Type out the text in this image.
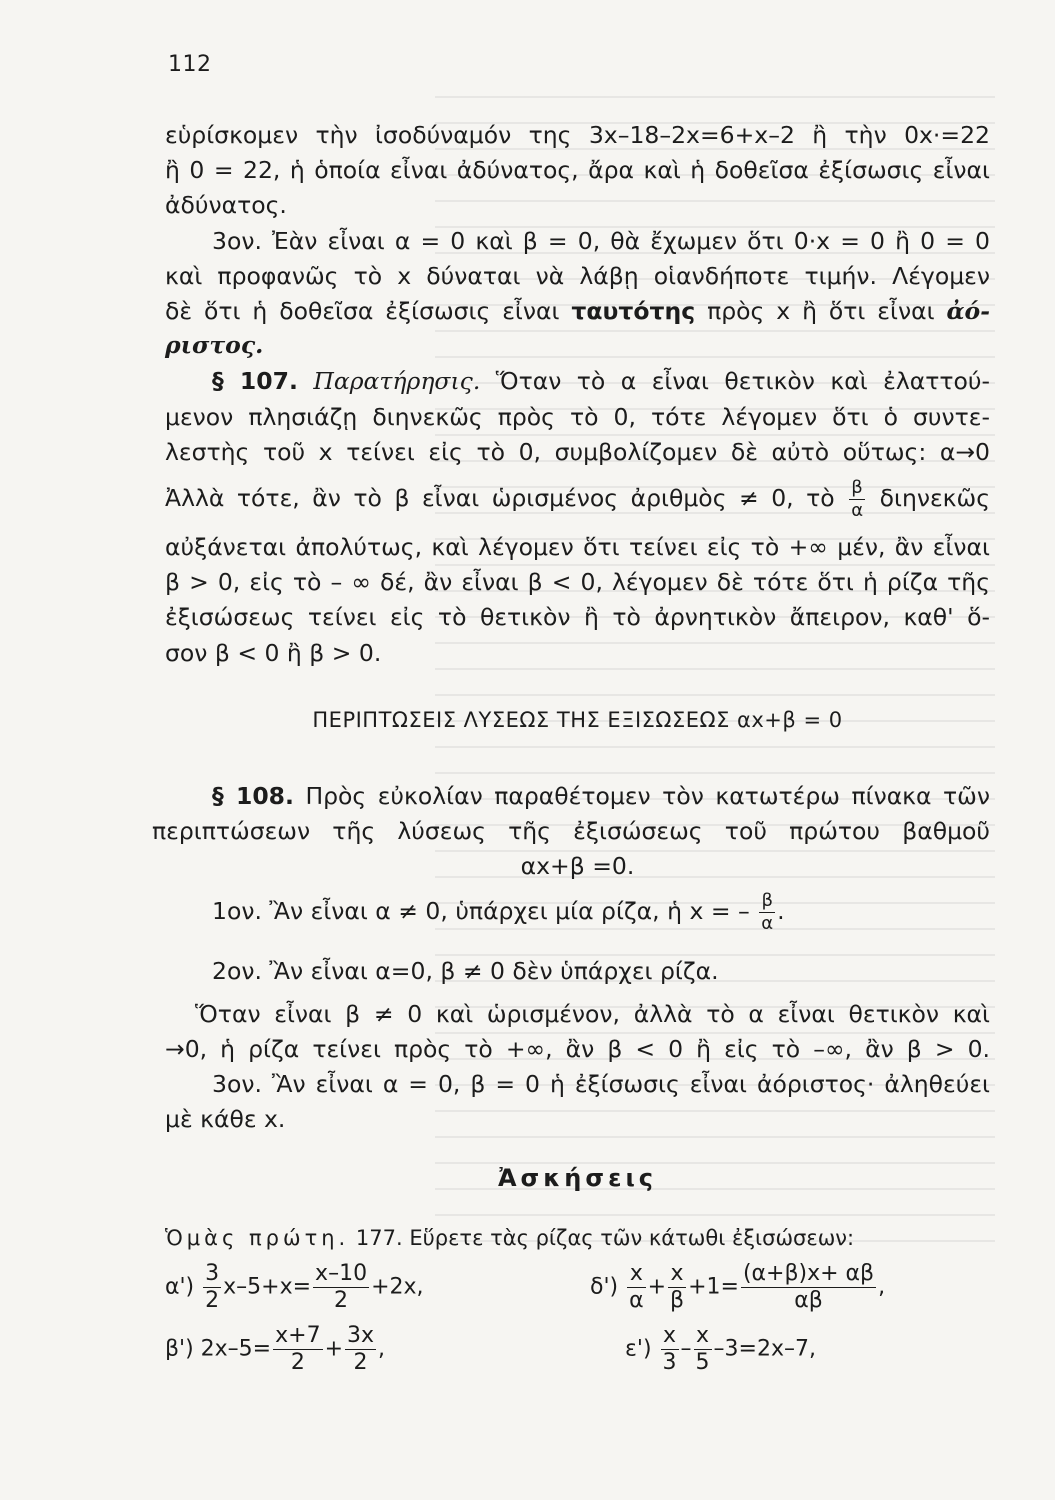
112
εὑρίσκομεν τὴν ἰσοδύναμόν της 3x–18–2x=6+x–2 ἢ τὴν 0x·=22
ἢ 0 = 22, ἡ ὁποία εἶναι ἀδύνατος, ἄρα καὶ ἡ δοθεῖσα ἐξίσωσις εἶναι
ἀδύνατος.
3ον. Ἐὰν εἶναι α = 0 καὶ β = 0, θὰ ἔχωμεν ὅτι 0·x = 0 ἢ 0 = 0
καὶ προφανῶς τὸ x δύναται νὰ λάβῃ οἱανδήποτε τιμήν. Λέγομεν
δὲ ὅτι ἡ δοθεῖσα ἐξίσωσις εἶναι ταυτότης πρὸς x ἢ ὅτι εἶναι ἀό-
ριστος.
§ 107. Παρατήρησις. Ὅταν τὸ α εἶναι θετικὸν καὶ ἐλαττού-
μενον πλησιάζῃ διηνεκῶς πρὸς τὸ 0, τότε λέγομεν ὅτι ὁ συντε-
λεστὴς τοῦ x τείνει εἰς τὸ 0, συμβολίζομεν δὲ αὐτὸ οὕτως: α→0
Ἀλλὰ τότε, ἂν τὸ β εἶναι ὡρισμένος ἀριθμὸς ≠ 0, τὸ $\frac{\beta}{\alpha}$ διηνεκῶς
αὐξάνεται ἀπολύτως, καὶ λέγομεν ὅτι τείνει εἰς τὸ +∞ μέν, ἂν εἶναι
β > 0, εἰς τὸ – ∞ δέ, ἂν εἶναι β < 0, λέγομεν δὲ τότε ὅτι ἡ ρίζα τῆς
ἐξισώσεως τείνει εἰς τὸ θετικὸν ἢ τὸ ἀρνητικὸν ἄπειρον, καθ' ὅ-
σον β < 0 ἢ β > 0.
ΠΕΡΙΠΤΩΣΕΙΣ ΛΥΣΕΩΣ ΤΗΣ ΕΞΙΣΩΣΕΩΣ αx+β = 0
§ 108. Πρὸς εὐκολίαν παραθέτομεν τὸν κατωτέρω πίνακα τῶν
περιπτώσεων τῆς λύσεως τῆς ἐξισώσεως τοῦ πρώτου βαθμοῦ
αx+β =0.
1ον. Ἂν εἶναι α ≠ 0, ὑπάρχει μία ρίζα, ἡ x = – $\frac{\beta}{\alpha}$ .
2ον. Ἂν εἶναι α=0, β ≠ 0 δὲν ὑπάρχει ρίζα.
Ὅταν εἶναι β ≠ 0 καὶ ὡρισμένον, ἀλλὰ τὸ α εἶναι θετικὸν καὶ
→0, ἡ ρίζα τείνει πρὸς τὸ +∞, ἂν β < 0 ἢ εἰς τὸ –∞, ἂν β > 0.
3ον. Ἂν εἶναι α = 0, β = 0 ἡ ἐξίσωσις εἶναι ἀόριστος· ἀληθεύει
μὲ κάθε x.
Ἀσκήσεις
Ὁμὰς πρώτη. 177. Εὕρετε τὰς ρίζας τῶν κάτωθι ἐξισώσεων:
$\alpha') \frac{3}{2} x-5+x= \frac{x-10}{2} +2x$,	$\delta') \frac{x}{\alpha} + \frac{x}{\beta} +1= \frac{(\alpha+\beta)x+ \alpha\beta}{\alpha\beta}$ ,
β') $2x-5= \frac{x+7}{2} + \frac{3x}{2}$ ,	$\varepsilon') \frac{x}{3} - \frac{x}{5} -3=2x-7$,
